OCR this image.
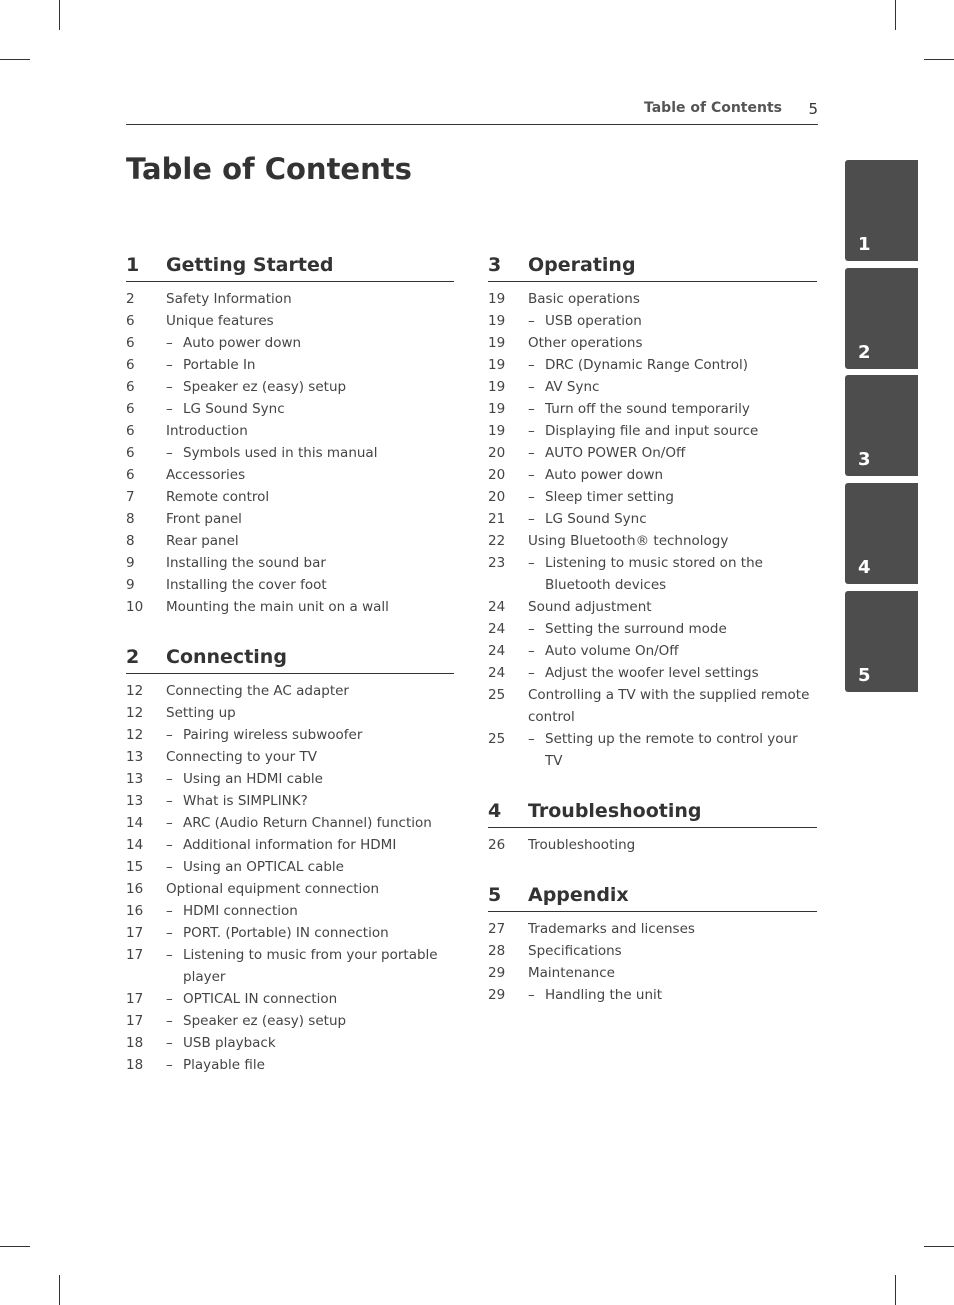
Table of Contents 5
Table of Contents
1 Getting Started
2	Safety Information
6	Unique features
6	– Auto power down
6	– Portable In
6	– Speaker ez (easy) setup
6	– LG Sound Sync
6	Introduction
6	– Symbols used in this manual
6	Accessories
7	Remote control
8	Front panel
8	Rear panel
9	Installing the sound bar
9	Installing the cover foot
10	Mounting the main unit on a wall
2 Connecting
12	Connecting the AC adapter
12	Setting up
12	– Pairing wireless subwoofer
13	Connecting to your TV
13	– Using an HDMI cable
13	– What is SIMPLINK?
14	– ARC (Audio Return Channel) function
14	– Additional information for HDMI
15	– Using an OPTICAL cable
16	Optional equipment connection
16	– HDMI connection
17	– PORT. (Portable) IN connection
17	– Listening to music from your portable player
17	– OPTICAL IN connection
17	– Speaker ez (easy) setup
18	– USB playback
18	– Playable file
3 Operating
19	Basic operations
19	– USB operation
19	Other operations
19	– DRC (Dynamic Range Control)
19	– AV Sync
19	– Turn off the sound temporarily
19	– Displaying file and input source
20	– AUTO POWER On/Off
20	– Auto power down
20	– Sleep timer setting
21	– LG Sound Sync
22	Using Bluetooth® technology
23	– Listening to music stored on the Bluetooth devices
24	Sound adjustment
24	– Setting the surround mode
24	– Auto volume On/Off
24	– Adjust the woofer level settings
25	Controlling a TV with the supplied remote control
25	– Setting up the remote to control your TV
4 Troubleshooting
26	Troubleshooting
5 Appendix
27	Trademarks and licenses
28	Specifications
29	Maintenance
29	– Handling the unit
1
2
3
4
5
